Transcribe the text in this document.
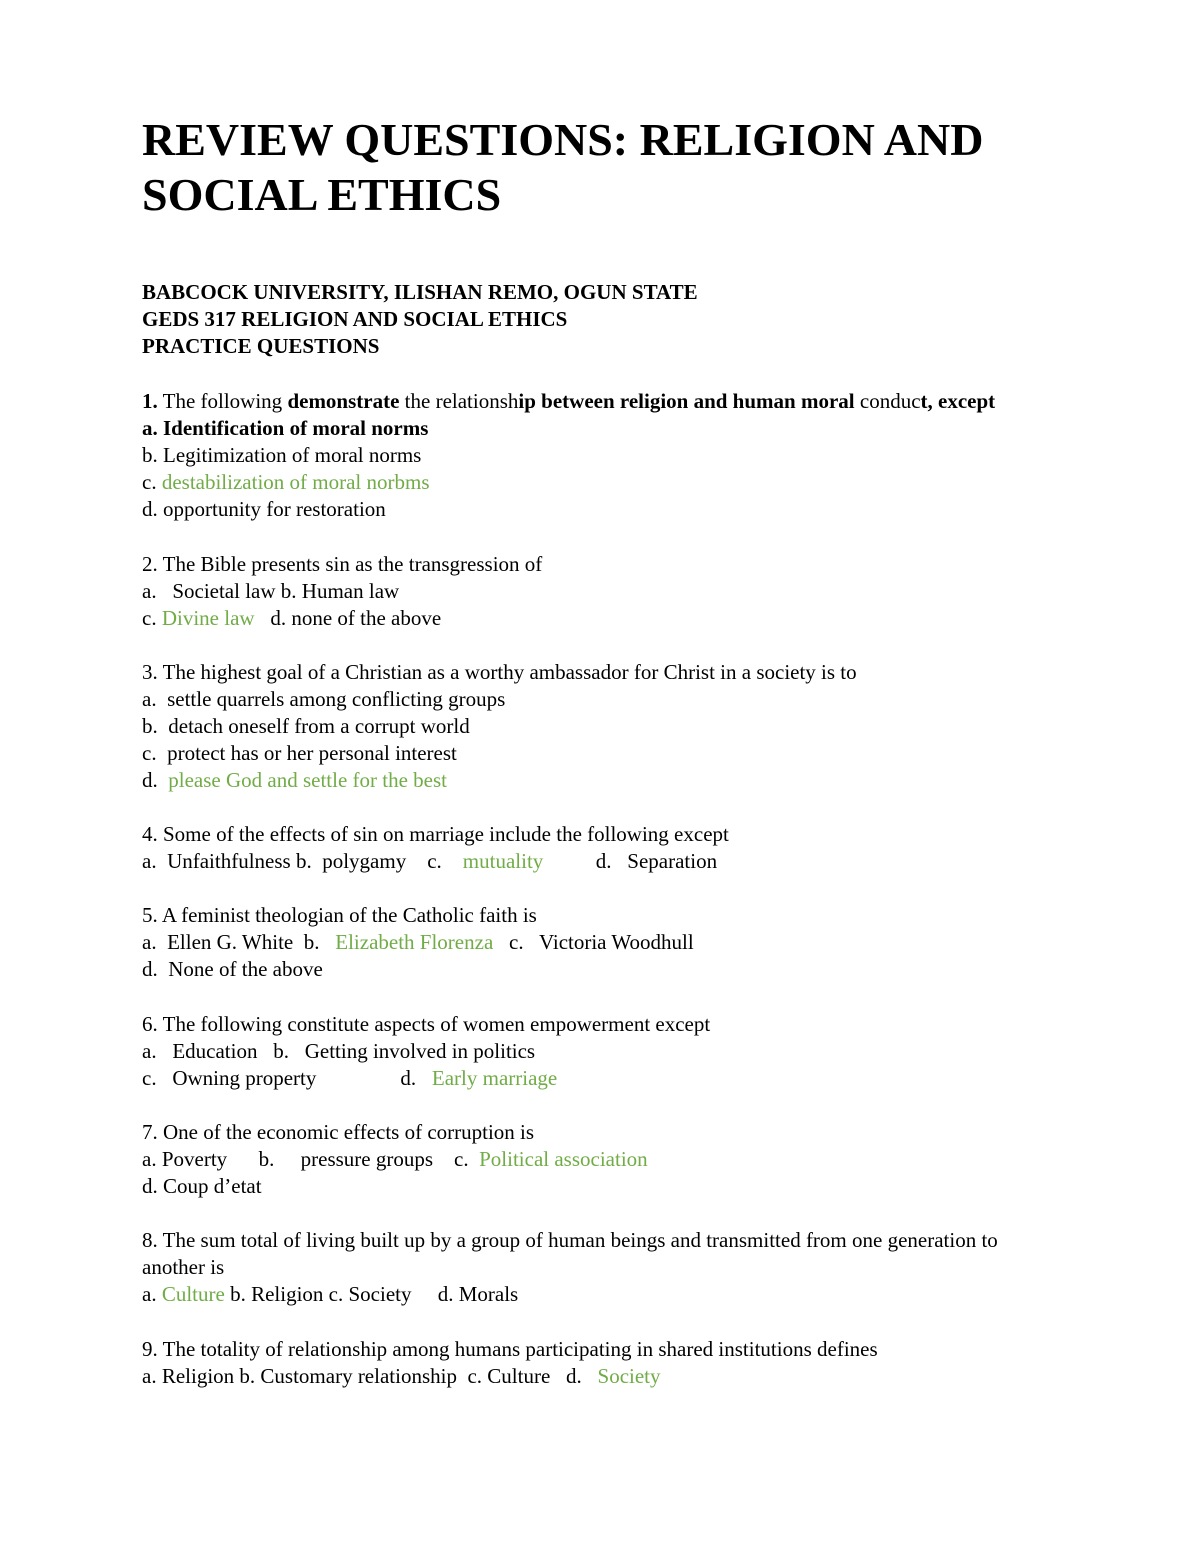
REVIEW QUESTIONS: RELIGION AND SOCIAL ETHICS
BABCOCK UNIVERSITY, ILISHAN REMO, OGUN STATE
GEDS 317 RELIGION AND SOCIAL ETHICS
PRACTICE QUESTIONS

1. The following demonstrate the relationship between religion and human moral conduct, except

a. Identification of moral norms

b. Legitimization of moral norms

c. destabilization of moral norbms

d. opportunity for restoration

2. The Bible presents sin as the transgression of

a.   Societal law b. Human law

c. Divine law   d. none of the above

3. The highest goal of a Christian as a worthy ambassador for Christ in a society is to

a.  settle quarrels among conflicting groups

b.  detach oneself from a corrupt world

c.  protect has or her personal interest

d.  please God and settle for the best

4. Some of the effects of sin on marriage include the following except

a.  Unfaithfulness b.  polygamy    c.    mutuality          d.   Separation

5. A feminist theologian of the Catholic faith is

a.  Ellen G. White  b.   Elizabeth Florenza   c.   Victoria Woodhull

d.  None of the above

6. The following constitute aspects of women empowerment except

a.   Education   b.   Getting involved in politics

c.   Owning property                d.   Early marriage

7. One of the economic effects of corruption is

a. Poverty      b.     pressure groups    c.  Political association

d. Coup d’etat

8. The sum total of living built up by a group of human beings and transmitted from one generation to

another is

a. Culture b. Religion c. Society     d. Morals

9. The totality of relationship among humans participating in shared institutions defines

a. Religion b. Customary relationship  c. Culture   d.   Society
